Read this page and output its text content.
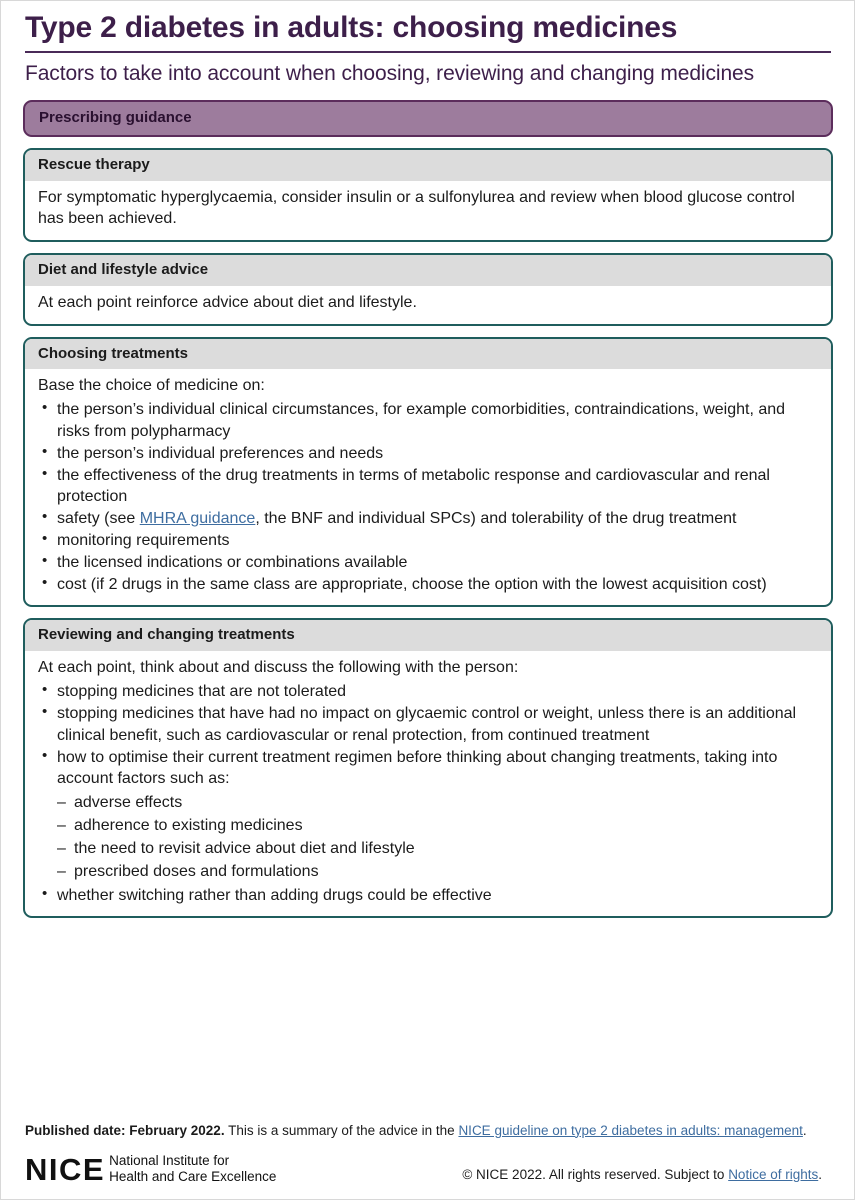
Type 2 diabetes in adults: choosing medicines
Factors to take into account when choosing, reviewing and changing medicines
Prescribing guidance
Rescue therapy

For symptomatic hyperglycaemia, consider insulin or a sulfonylurea and review when blood glucose control has been achieved.

Diet and lifestyle advice

At each point reinforce advice about diet and lifestyle.

Choosing treatments

Base the choice of medicine on:

• the person’s individual clinical circumstances, for example comorbidities, contraindications, weight, and risks from polypharmacy
• the person’s individual preferences and needs
• the effectiveness of the drug treatments in terms of metabolic response and cardiovascular and renal protection
• safety (see MHRA guidance, the BNF and individual SPCs) and tolerability of the drug treatment
• monitoring requirements
• the licensed indications or combinations available
• cost (if 2 drugs in the same class are appropriate, choose the option with the lowest acquisition cost)
Reviewing and changing treatments

At each point, think about and discuss the following with the person:

• stopping medicines that are not tolerated
• stopping medicines that have had no impact on glycaemic control or weight, unless there is an additional clinical benefit, such as cardiovascular or renal protection, from continued treatment
• how to optimise their current treatment regimen before thinking about changing treatments, taking into account factors such as:
– adverse effects
– adherence to existing medicines
– the need to revisit advice about diet and lifestyle
– prescribed doses and formulations
• whether switching rather than adding drugs could be effective
Published date: February 2022. This is a summary of the advice in the NICE guideline on type 2 diabetes in adults: management.
NICE National Institute for
Health and Care Excellence	© NICE 2022. All rights reserved. Subject to Notice of rights.
